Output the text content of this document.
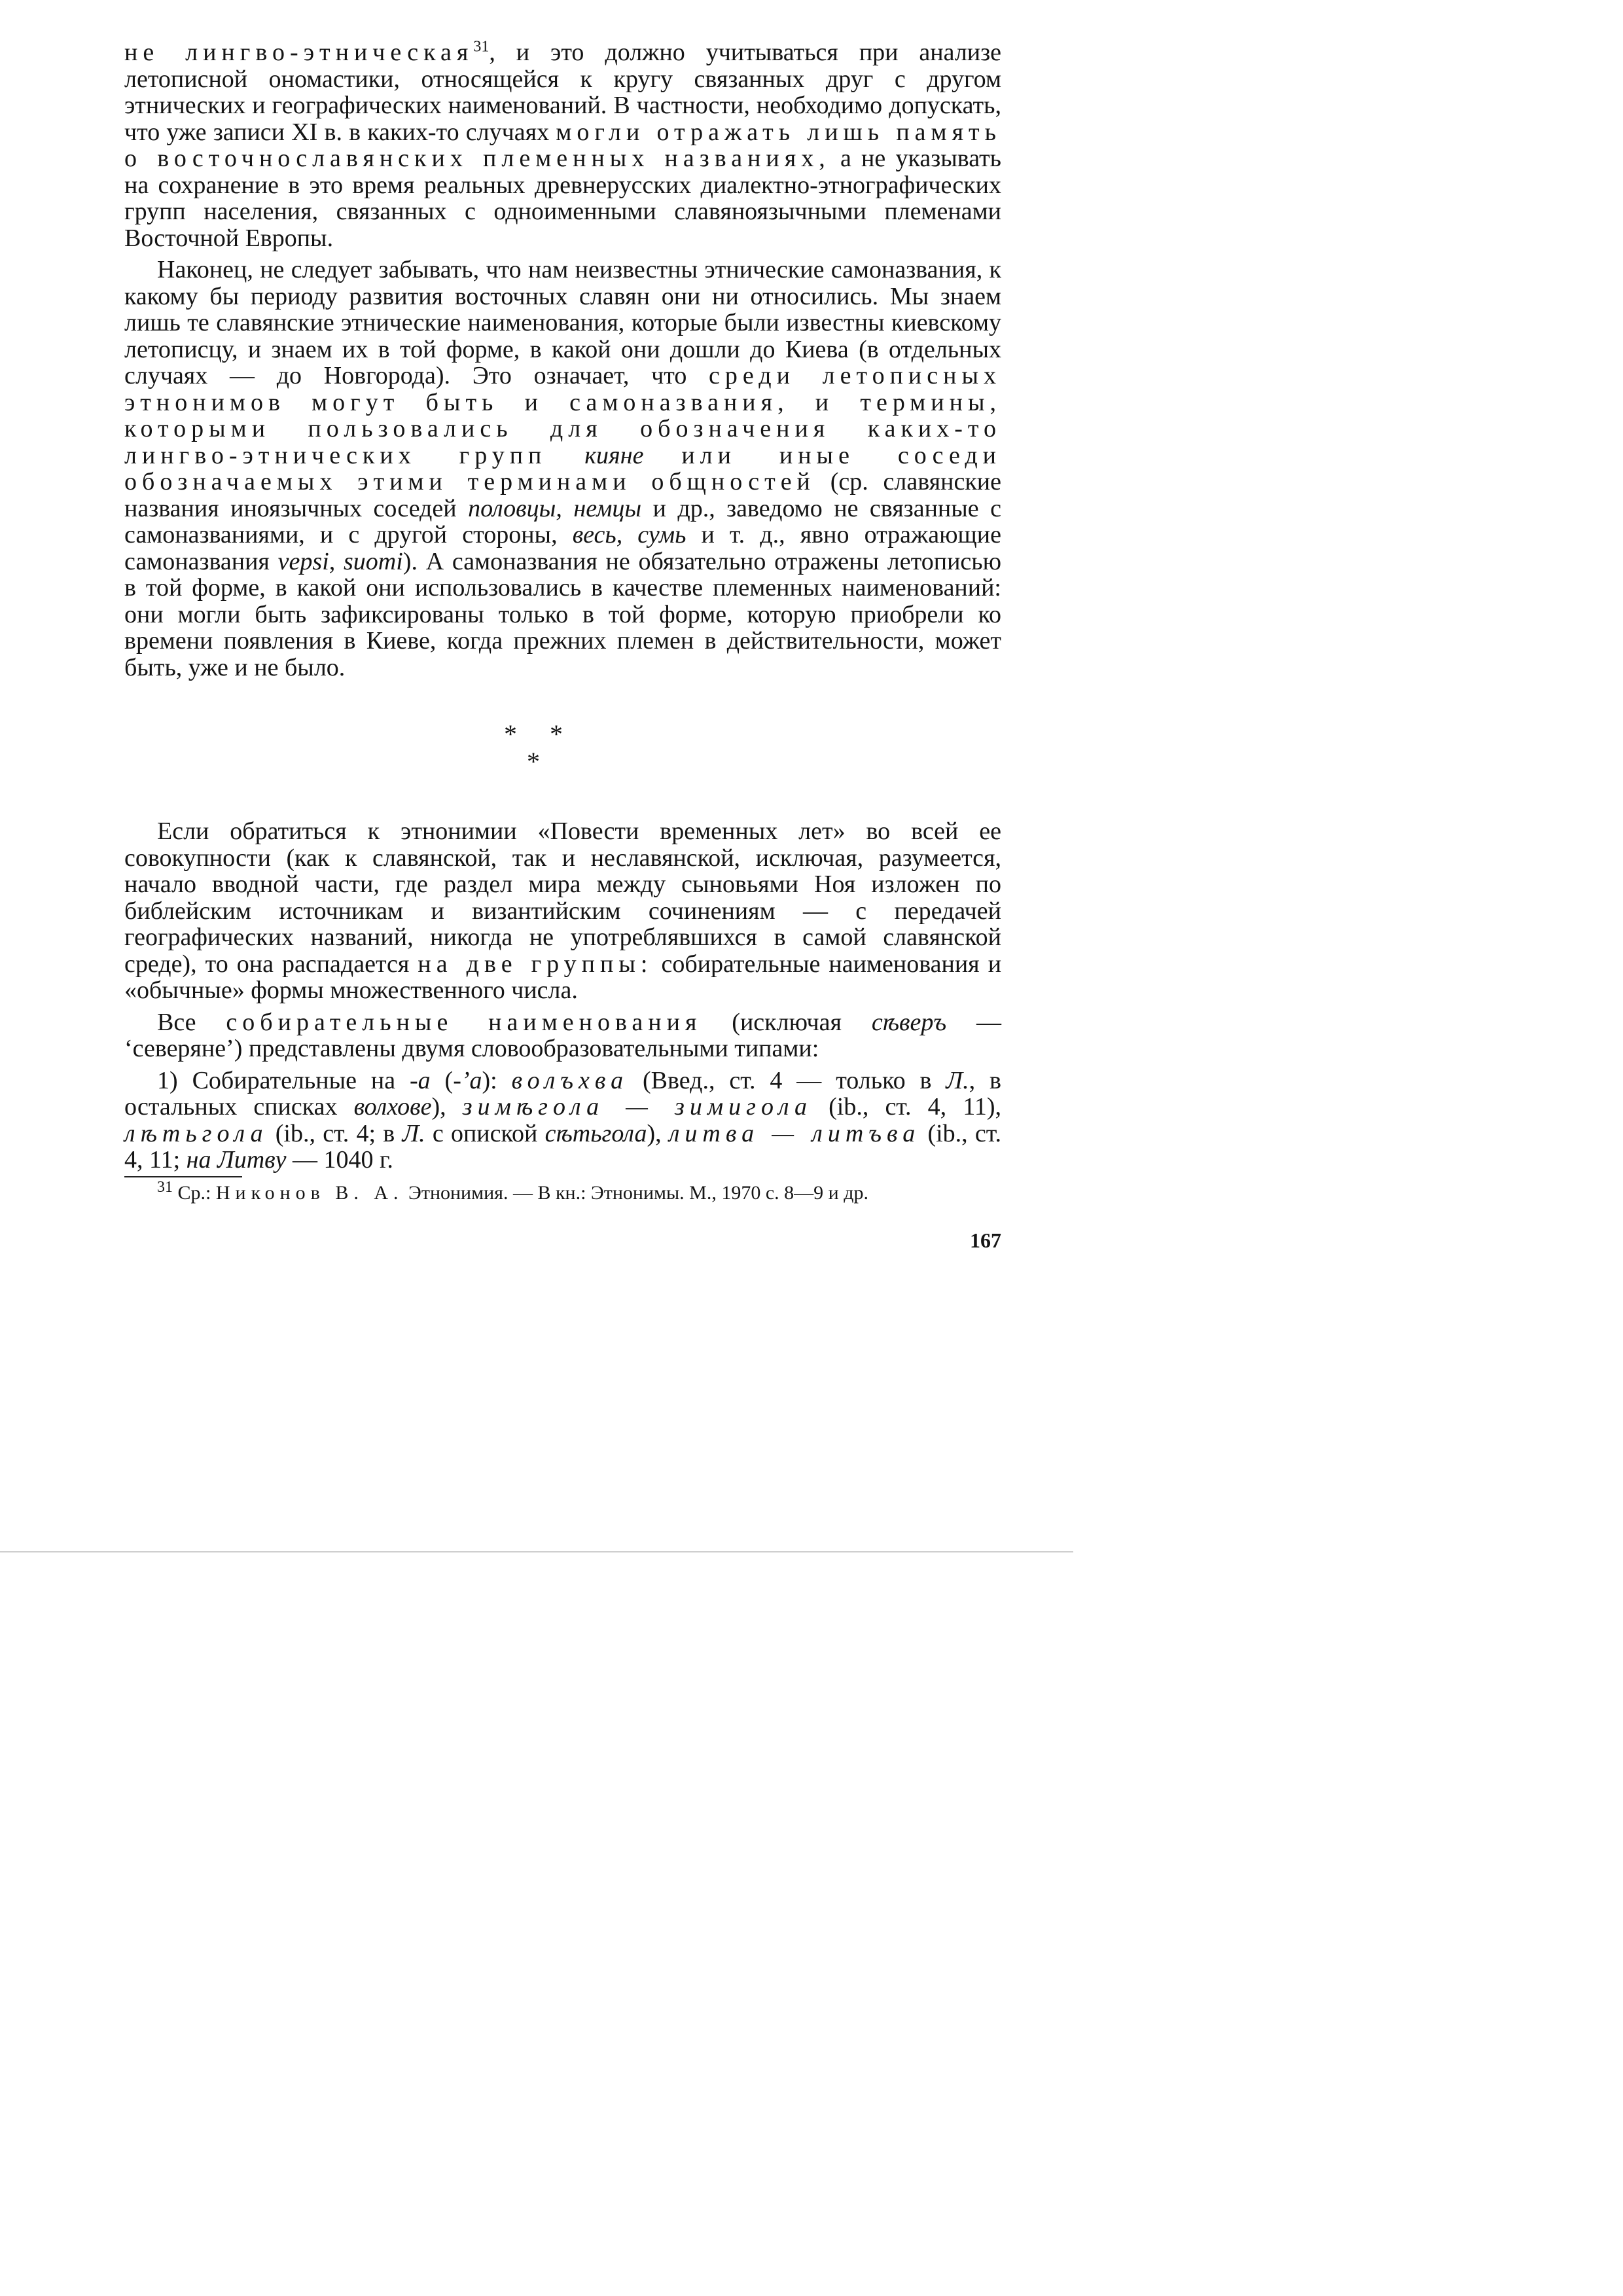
не лингво-этническая$^{31}$, и это должно учитываться при анализе летописной ономастики, относящейся к кругу связанных друг с другом этнических и географических наименований. В частности, необходимо допускать, что уже записи XI в. в каких-то случаях могли отражать лишь память о восточнославянских племенных названиях, а не указывать на сохранение в это время реальных древнерусских диалектно-этнографических групп населения, связанных с одноименными славяноязычными племенами Восточной Европы.

Наконец, не следует забывать, что нам неизвестны этнические самоназвания, к какому бы периоду развития восточных славян они ни относились. Мы знаем лишь те славянские этнические наименования, которые были известны киевскому летописцу, и знаем их в той форме, в какой они дошли до Киева (в отдельных случаях — до Новгорода). Это означает, что среди летописных этнонимов могут быть и самоназвания, и термины, которыми пользовались для обозначения каких-то лингво-этнических групп кияне или иные соседи обозначаемых этими терминами общностей (ср. славянские названия иноязычных соседей половцы, немцы и др., заведомо не связанные с самоназваниями, и с другой стороны, весь, сумь и т. д., явно отражающие самоназвания vepsi, suomi). А самоназвания не обязательно отражены летописью в той форме, в какой они использовались в качестве племенных наименований: они могли быть зафиксированы только в той форме, которую приобрели ко времени появления в Киеве, когда прежних племен в действительности, может быть, уже и не было.

* *
*

Если обратиться к этнонимии «Повести временных лет» во всей ее совокупности (как к славянской, так и неславянской, исключая, разумеется, начало вводной части, где раздел мира между сыновьями Ноя изложен по библейским источникам и византийским сочинениям — с передачей географических названий, никогда не употреблявшихся в самой славянской среде), то она распадается на две группы: собирательные наименования и «обычные» формы множественного числа.

Все собирательные наименования (исключая сѣверъ — ‘северяне’) представлены двумя словообразовательными типами:

1) Собирательные на -а (-’а): волъхва (Введ., ст. 4 — только в Л., в остальных списках волхове), зимѣгола — зимигола (ib., ст. 4, 11), лѣтьгола (ib., ст. 4; в Л. с опиской сѣтьгола), литва — литъва (ib., ст. 4, 11; на Литву — 1040 г.

$^{31}$ Ср.: Никонов В. А. Этнонимия. — В кн.: Этнонимы. М., 1970 с. 8—9 и др.

167
